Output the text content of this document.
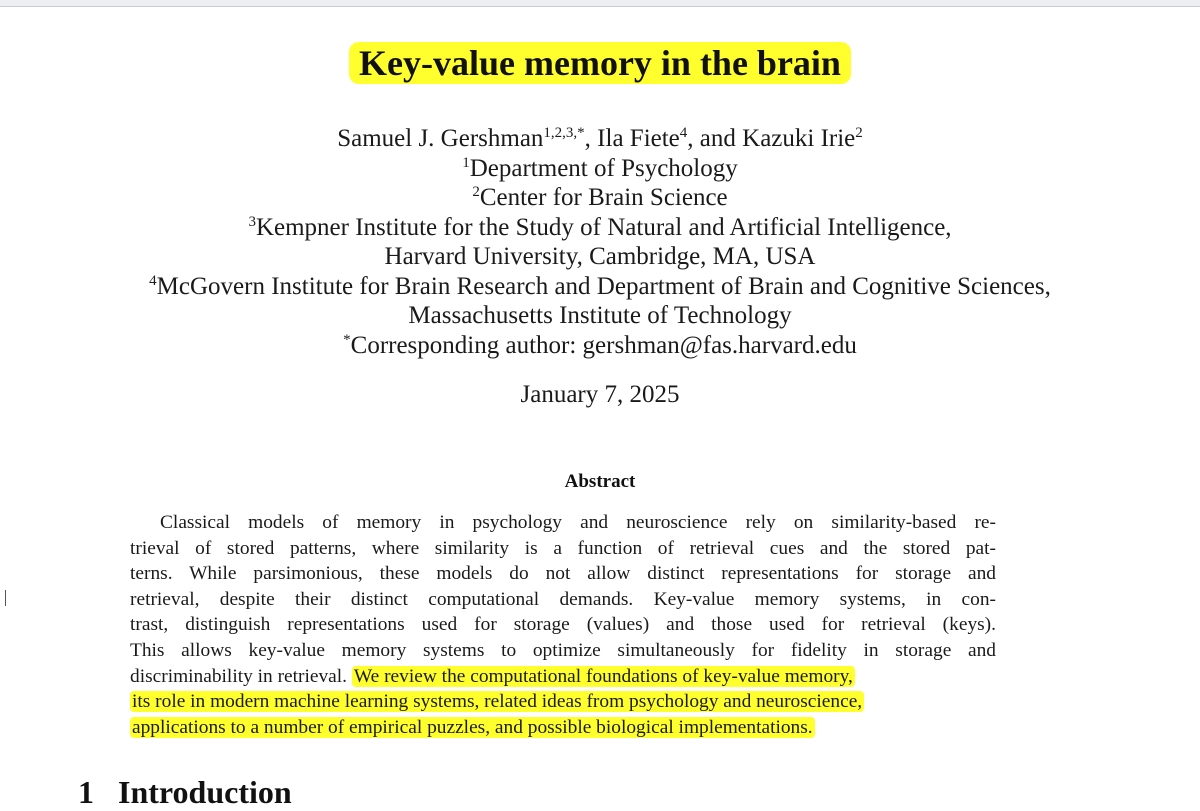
Key-value memory in the brain
Samuel J. Gershman$^{1,2,3,*}$, Ila Fiete$^4$, and Kazuki Irie$^2$
$^1$Department of Psychology
$^2$Center for Brain Science
$^3$Kempner Institute for the Study of Natural and Artificial Intelligence,
Harvard University, Cambridge, MA, USA
$^4$McGovern Institute for Brain Research and Department of Brain and Cognitive Sciences,
Massachusetts Institute of Technology
*Corresponding author: gershman@fas.harvard.edu
January 7, 2025
Abstract
Classical models of memory in psychology and neuroscience rely on similarity-based re-
trieval of stored patterns, where similarity is a function of retrieval cues and the stored pat-
terns. While parsimonious, these models do not allow distinct representations for storage and
retrieval, despite their distinct computational demands. Key-value memory systems, in con-
trast, distinguish representations used for storage (values) and those used for retrieval (keys).
This allows key-value memory systems to optimize simultaneously for fidelity in storage and
discriminability in retrieval. We review the computational foundations of key-value memory,
its role in modern machine learning systems, related ideas from psychology and neuroscience,
applications to a number of empirical puzzles, and possible biological implementations.
1 Introduction
